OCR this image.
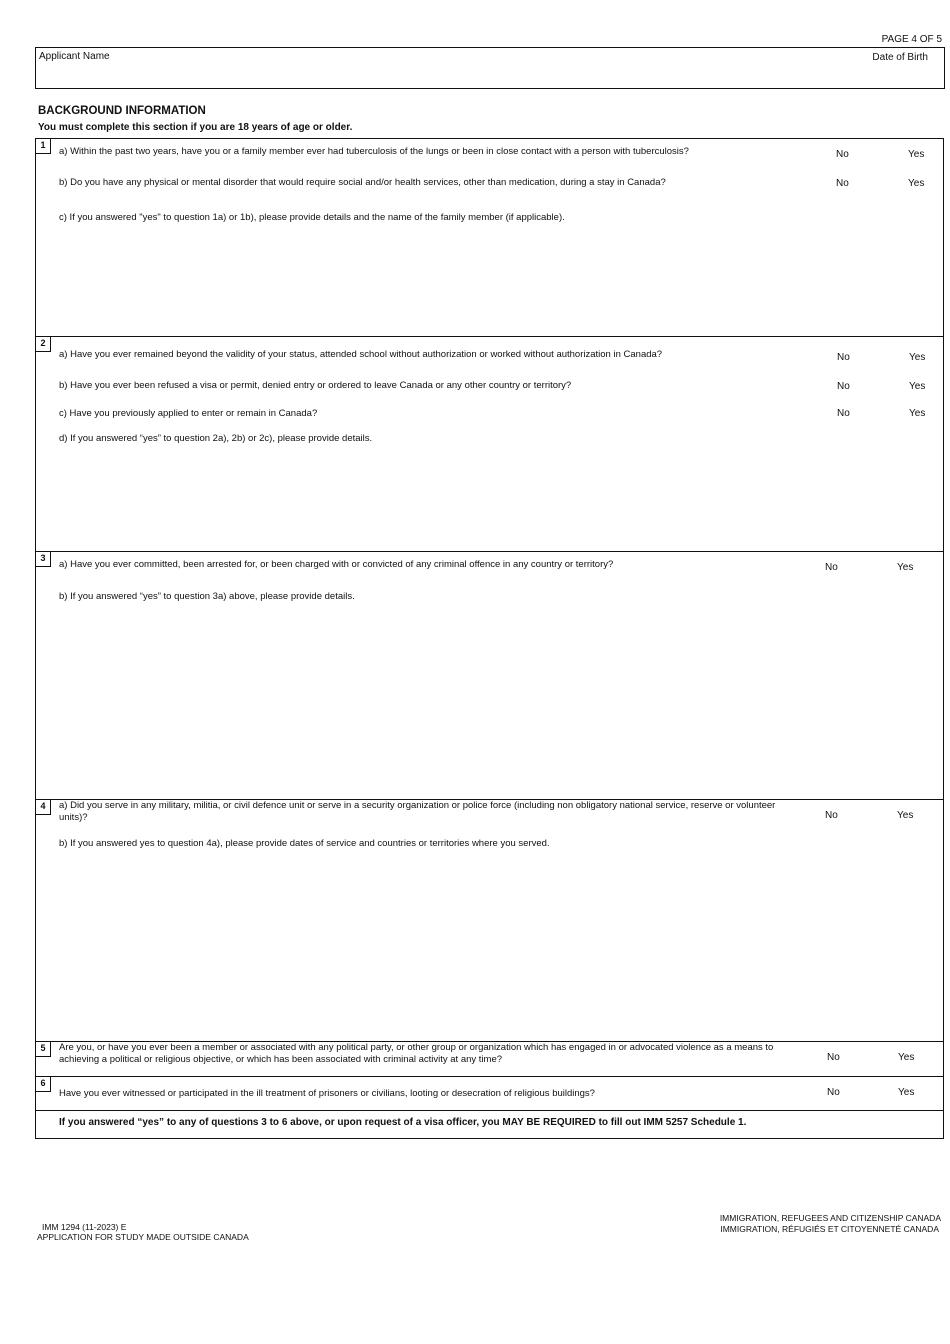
PAGE 4 OF 5
Applicant Name	Date of Birth
BACKGROUND INFORMATION
You must complete this section if you are 18 years of age or older.
1
a) Within the past two years, have you or a family member ever had tuberculosis of the lungs or been in close contact with a person with tuberculosis?	No	Yes
b) Do you have any physical or mental disorder that would require social and/or health services, other than medication, during a stay in Canada?	No	Yes
c) If you answered "yes" to question 1a) or 1b), please provide details and the name of the family member (if applicable).
2
a) Have you ever remained beyond the validity of your status, attended school without authorization or worked without authorization in Canada?	No	Yes
b) Have you ever been refused a visa or permit, denied entry or ordered to leave Canada or any other country or territory?	No	Yes
c) Have you previously applied to enter or remain in Canada?	No	Yes
d) If you answered “yes” to question 2a), 2b) or 2c), please provide details.
3
a) Have you ever committed, been arrested for, or been charged with or convicted of any criminal offence in any country or territory?	No	Yes
b) If you answered “yes” to question 3a) above, please provide details.
4	a) Did you serve in any military, militia, or civil defence unit or serve in a security organization or police force (including non obligatory national service, reserve or volunteer units)?	No	Yes
b) If you answered yes to question 4a), please provide dates of service and countries or territories where you served.
5	Are you, or have you ever been a member or associated with any political party, or other group or organization which has engaged in or advocated violence as a means to achieving a political or religious objective, or which has been associated with criminal activity at any time?	No	Yes
6
Have you ever witnessed or participated in the ill treatment of prisoners or civilians, looting or desecration of religious buildings?	No	Yes
If you answered “yes” to any of questions 3 to 6 above, or upon request of a visa officer, you MAY BE REQUIRED to fill out IMM 5257 Schedule 1.
IMM 1294 (11-2023) E
APPLICATION FOR STUDY MADE OUTSIDE CANADA
IMMIGRATION, REFUGEES AND CITIZENSHIP CANADA
IMMIGRATION, RÉFUGIÉS ET CITOYENNETÉ CANADA
